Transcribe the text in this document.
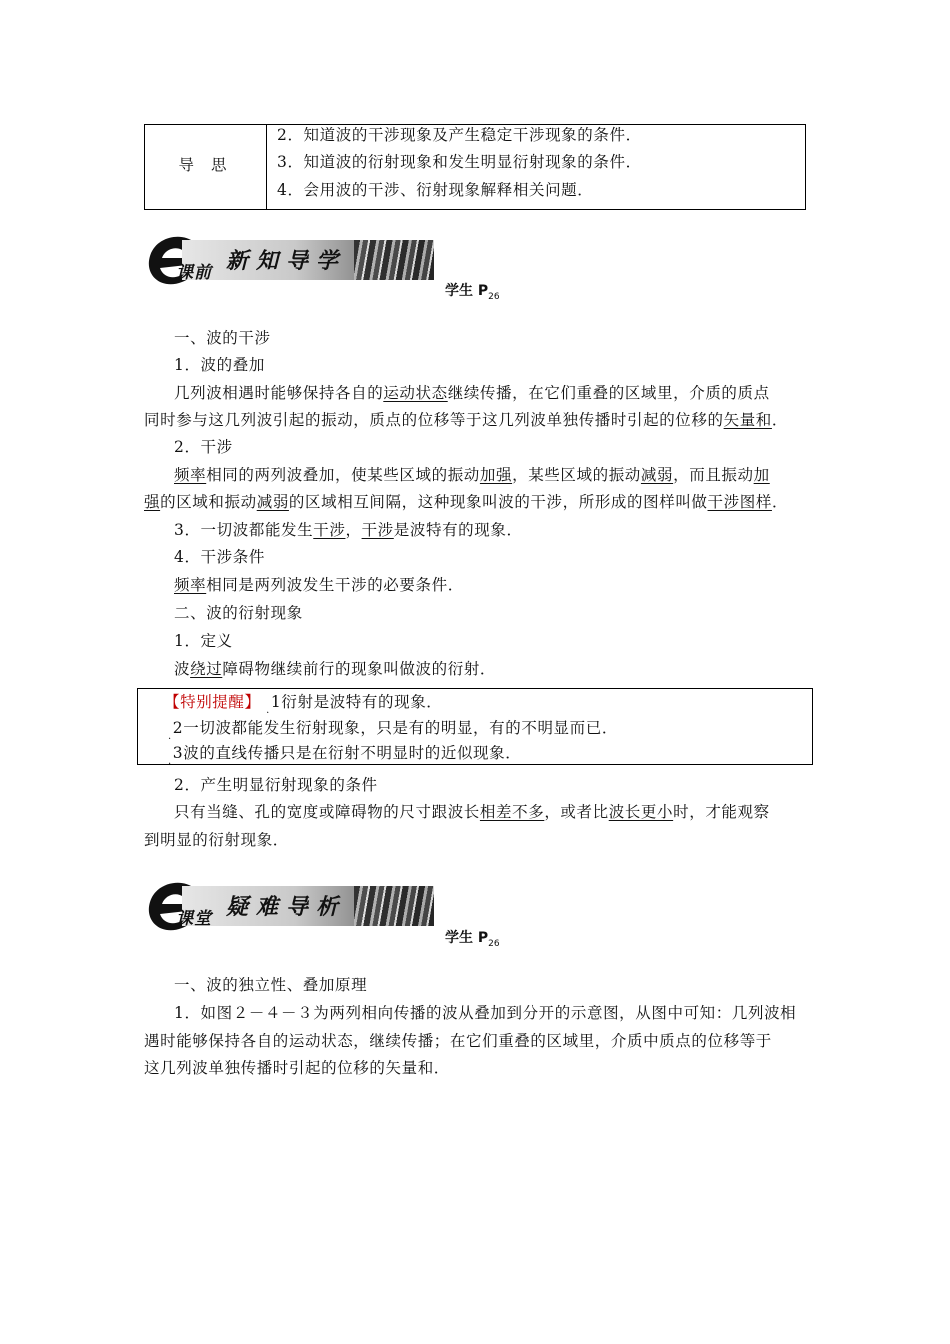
导 思
2．知道波的干涉现象及产生稳定干涉现象的条件．
3．知道波的衍射现象和发生明显衍射现象的条件．
4．会用波的干涉、衍射现象解释相关问题．
课前 新知导学
学生 $P_{26}$
一、波的干涉
1．波的叠加
几列波相遇时能够保持各自的运动状态继续传播，在它们重叠的区域里，介质的质点
同时参与这几列波引起的振动，质点的位移等于这几列波单独传播时引起的位移的矢量和．
2．干涉
频率相同的两列波叠加，使某些区域的振动加强，某些区域的振动减弱，而且振动加
强的区域和振动减弱的区域相互间隔，这种现象叫波的干涉，所形成的图样叫做干涉图样．
3．一切波都能发生干涉，干涉是波特有的现象．
4．干涉条件
频率相同是两列波发生干涉的必要条件．
二、波的衍射现象
1．定义
波绕过障碍物继续前行的现象叫做波的衍射．
【特别提醒】 $_.$1衍射是波特有的现象．
$_.$2一切波都能发生衍射现象，只是有的明显，有的不明显而已．
$_.$3波的直线传播只是在衍射不明显时的近似现象．
2．产生明显衍射现象的条件
只有当缝、孔的宽度或障碍物的尺寸跟波长相差不多，或者比波长更小时，才能观察
到明显的衍射现象．
课堂 疑难导析
学生 $P_{26}$
一、波的独立性、叠加原理
1．如图２－４－３为两列相向传播的波从叠加到分开的示意图，从图中可知：几列波相
遇时能够保持各自的运动状态，继续传播；在它们重叠的区域里，介质中质点的位移等于
这几列波单独传播时引起的位移的矢量和．
